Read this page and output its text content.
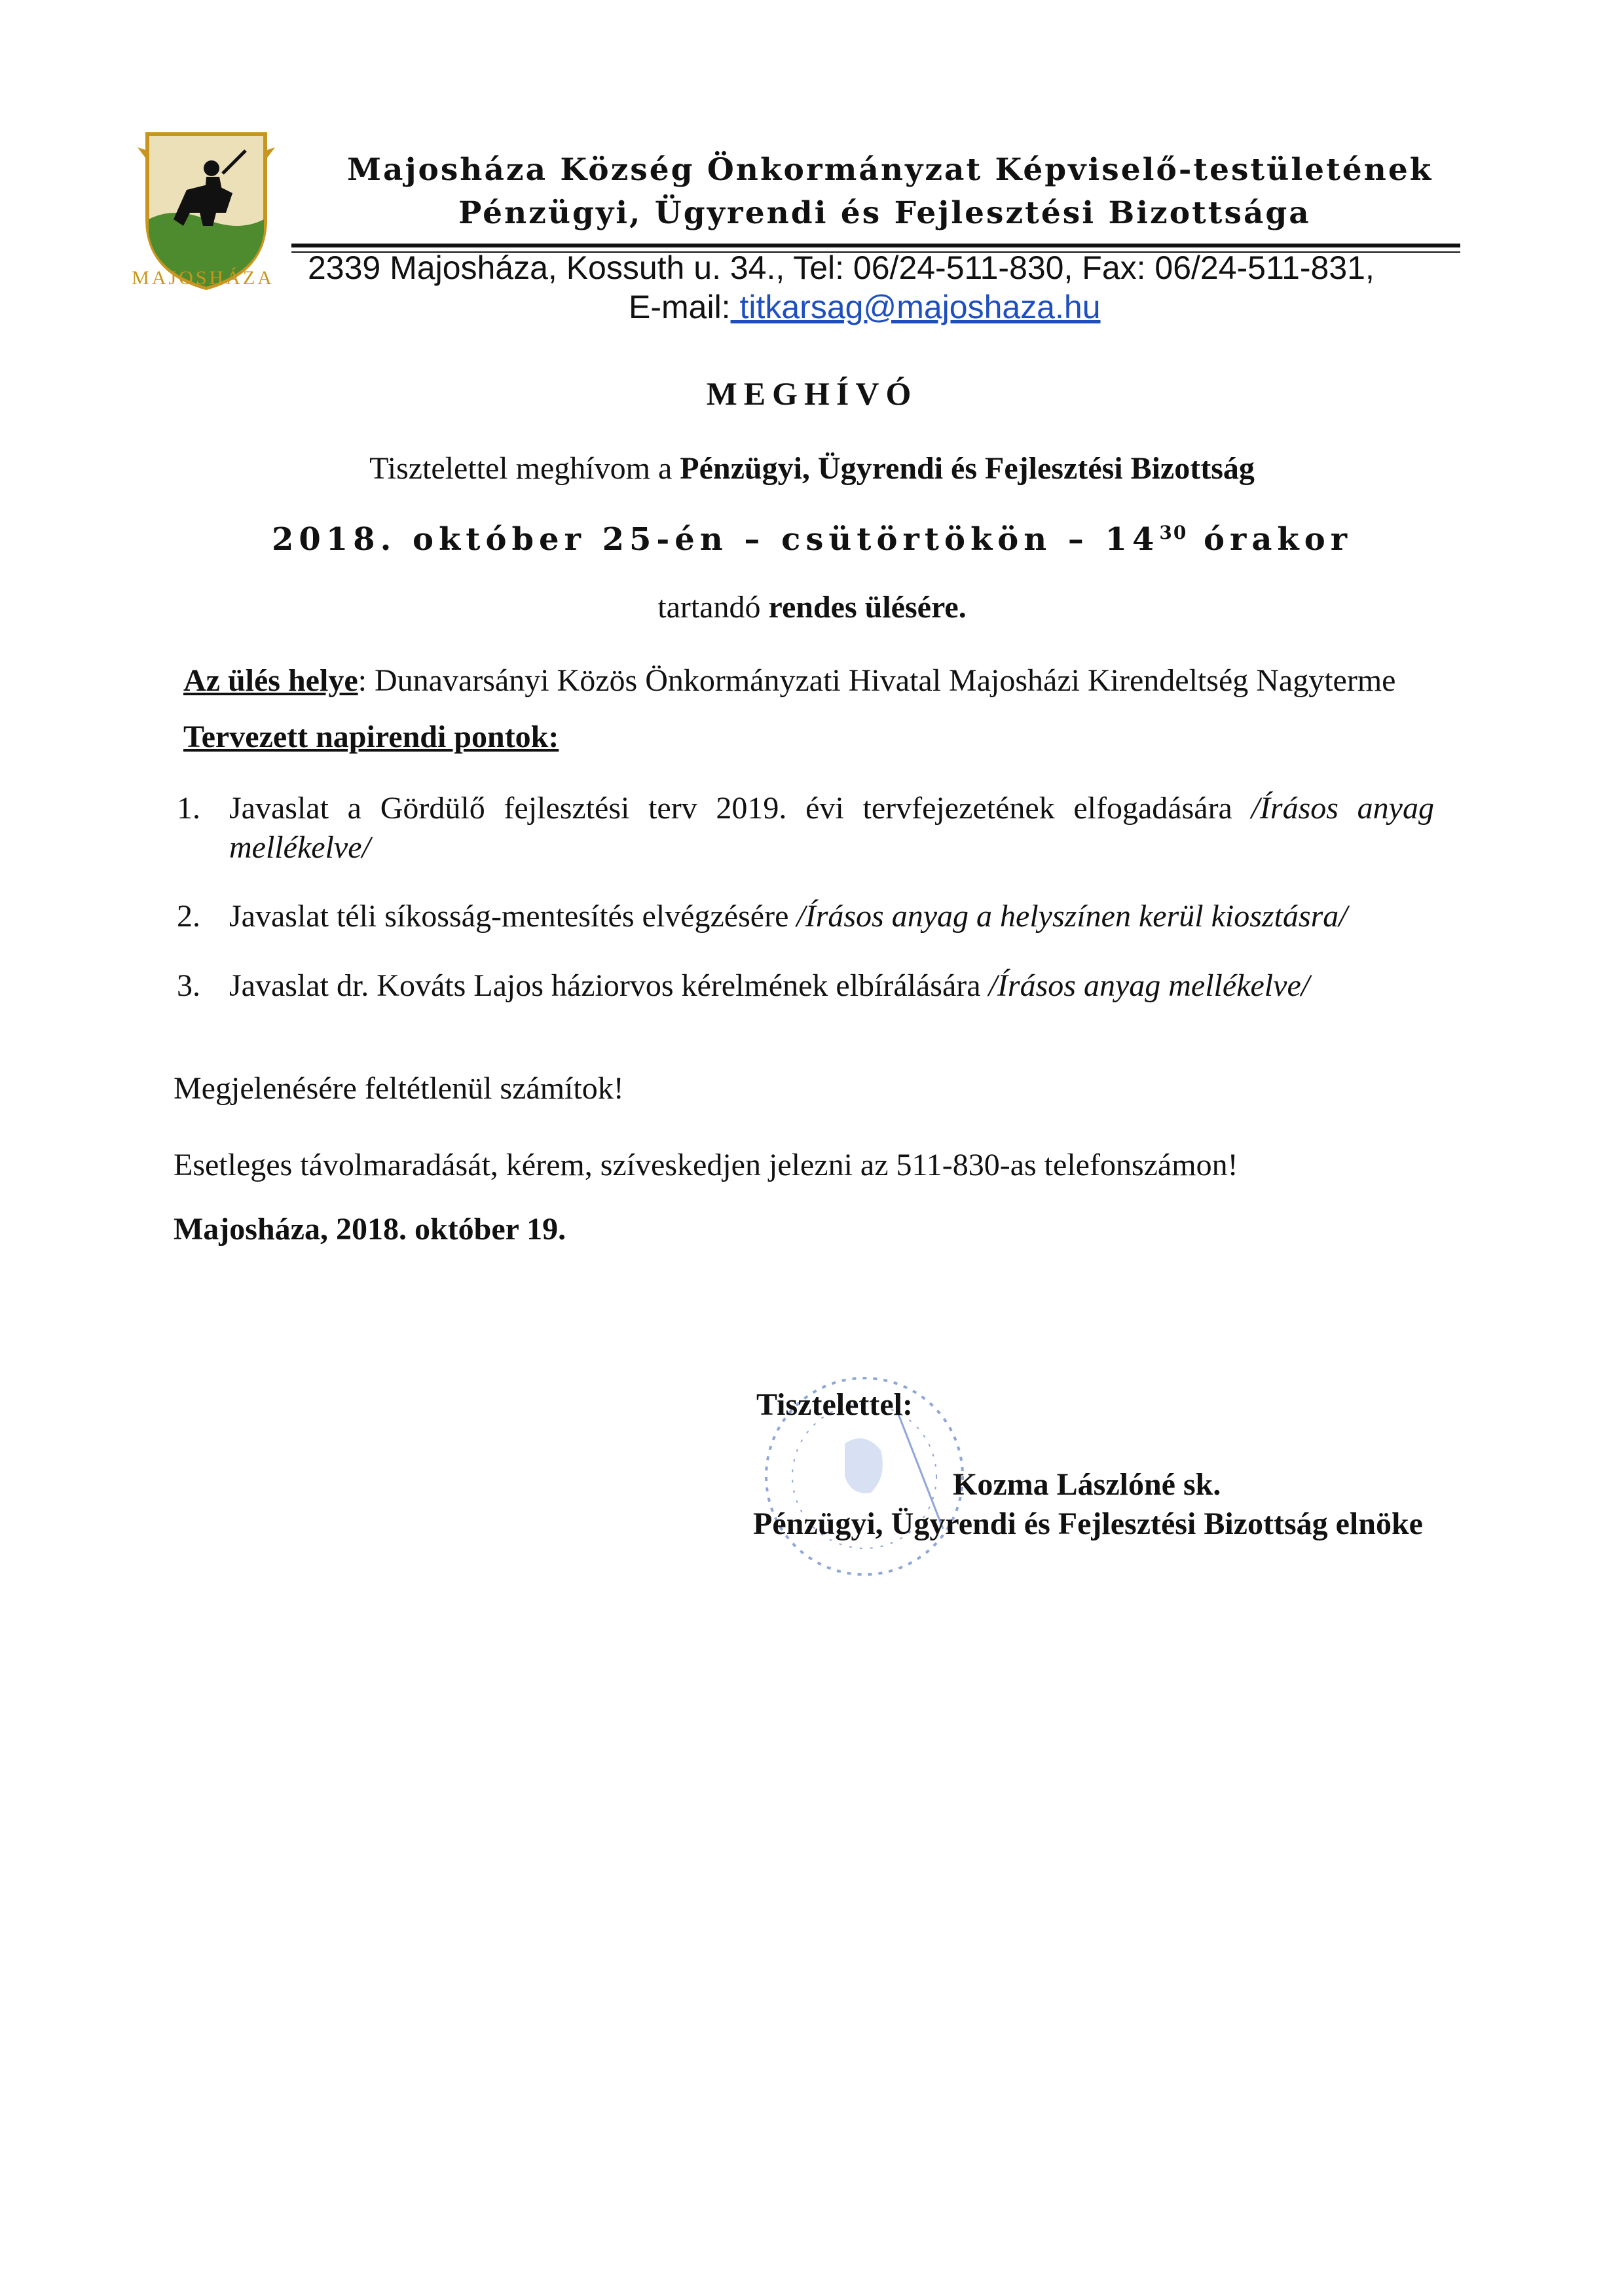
MAJOSHÁZA
Majosháza Község Önkormányzat Képviselő-testületének
Pénzügyi, Ügyrendi és Fejlesztési Bizottsága
2339 Majosháza, Kossuth u. 34., Tel: 06/24-511-830, Fax: 06/24-511-831,
E-mail: titkarsag@majoshaza.hu
MEGHÍVÓ
Tisztelettel meghívom a Pénzügyi, Ügyrendi és Fejlesztési Bizottság
2018. október 25-én – csütörtökön – $14^{30}$ órakor
tartandó rendes ülésére.
Az ülés helye: Dunavarsányi Közös Önkormányzati Hivatal Majosházi Kirendeltség Nagyterme
Tervezett napirendi pontok:
1. Javaslat a Gördülő fejlesztési terv 2019. évi tervfejezetének elfogadására /Írásos anyag
mellékelve/
2. Javaslat téli síkosság-mentesítés elvégzésére /Írásos anyag a helyszínen kerül kiosztásra/
3. Javaslat dr. Kováts Lajos háziorvos kérelmének elbírálására /Írásos anyag mellékelve/
Megjelenésére feltétlenül számítok!
Esetleges távolmaradását, kérem, szíveskedjen jelezni az 511-830-as telefonszámon!
Majosháza, 2018. október 19.
Tisztelettel:
Kozma Lászlóné sk.
Pénzügyi, Ügyrendi és Fejlesztési Bizottság elnöke
